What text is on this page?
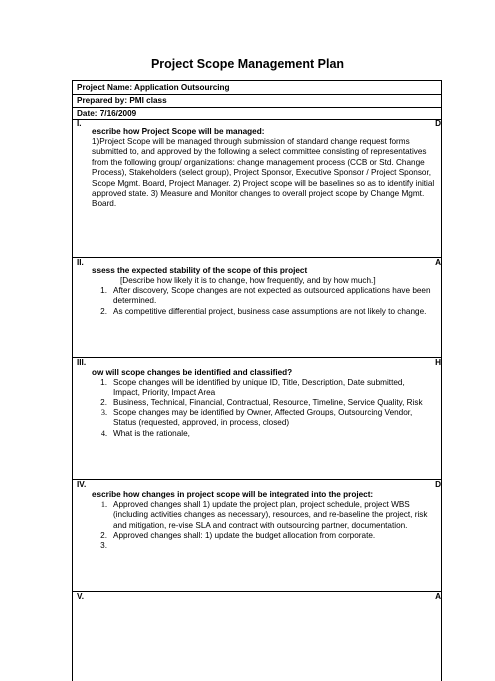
Project Scope Management Plan
Project Name: Application Outsourcing
Prepared by: PMI class
Date: 7/16/2009
I.	D
escribe how Project Scope will be managed:
1)Project Scope will be managed through submission of standard change request forms submitted to, and approved by the following a select committee consisting of representatives from the following group/ organizations: change management process (CCB or Std. Change Process), Stakeholders (select group), Project Sponsor, Executive Sponsor / Project Sponsor, Scope Mgmt. Board, Project Manager. 2) Project scope will be baselines so as to identify initial approved state. 3) Measure and Monitor changes to overall project scope by Change Mgmt. Board.
II.	A
ssess the expected stability of the scope of this project
[Describe how likely it is to change, how frequently, and by how much.]
1. After discovery, Scope changes are not expected as outsourced applications have been determined.
2. As competitive differential project, business case assumptions are not likely to change.
III.	H
ow will scope changes be identified and classified?
1. Scope changes will be identified by unique ID, Title, Description, Date submitted, Impact, Priority, Impact Area
2. Business, Technical, Financial, Contractual, Resource, Timeline, Service Quality, Risk
3. Scope changes may be identified by Owner, Affected Groups, Outsourcing Vendor, Status (requested, approved, in process, closed)
4. What is the rationale,
IV.	D
escribe how changes in project scope will be integrated into the project:
1. Approved changes shall 1) update the project plan, project schedule, project WBS (including activities changes as necessary), resources, and re-baseline the project, risk and mitigation, re-vise SLA and contract with outsourcing partner, documentation.
2. Approved changes shall: 1) update the budget allocation from corporate.
3.
V.	A
